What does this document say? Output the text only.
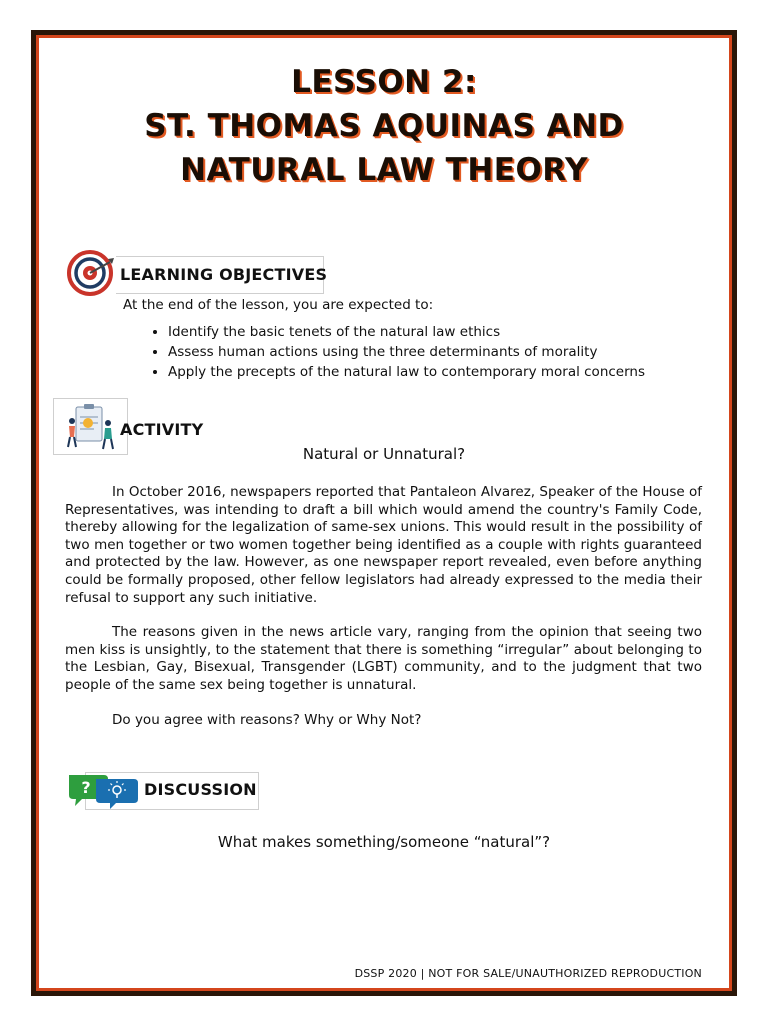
LESSON 2:
ST. THOMAS AQUINAS AND
NATURAL LAW THEORY
LEARNING OBJECTIVES
At the end of the lesson, you are expected to:
• Identify the basic tenets of the natural law ethics
• Assess human actions using the three determinants of morality
• Apply the precepts of the natural law to contemporary moral concerns
ACTIVITY
Natural or Unnatural?

In October 2016, newspapers reported that Pantaleon Alvarez, Speaker of the House of Representatives, was intending to draft a bill which would amend the country's Family Code, thereby allowing for the legalization of same-sex unions. This would result in the possibility of two men together or two women together being identified as a couple with rights guaranteed and protected by the law. However, as one newspaper report revealed, even before anything could be formally proposed, other fellow legislators had already expressed to the media their refusal to support any such initiative.

The reasons given in the news article vary, ranging from the opinion that seeing two men kiss is unsightly, to the statement that there is something “irregular” about belonging to the Lesbian, Gay, Bisexual, Transgender (LGBT) community, and to the judgment that two people of the same sex being together is unnatural.

Do you agree with reasons? Why or Why Not?
?	DISCUSSION
What makes something/someone “natural”?
DSSP 2020 | NOT FOR SALE/UNAUTHORIZED REPRODUCTION
